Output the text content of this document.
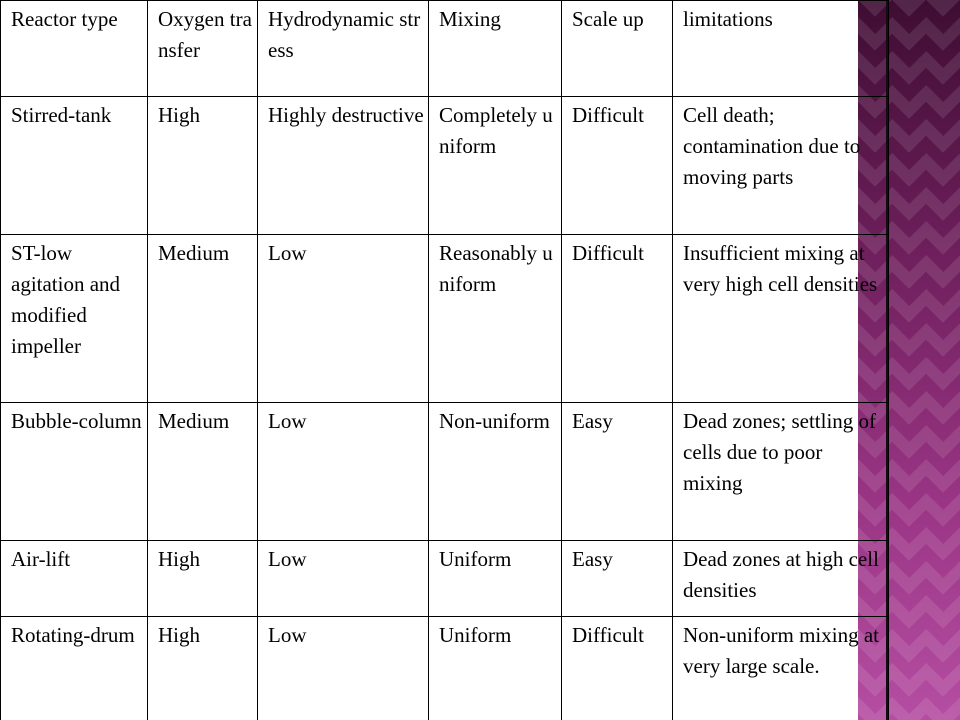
Reactor type	Oxygen transfer	Hydrodynamic stress	Mixing	Scale up	limitations

Stirred-tank	High	Highly destructive	Completely uniform	Difficult	Cell death; contamination due to moving parts

ST-low agitation and modified impeller	Medium	Low	Reasonably uniform	Difficult	Insufficient mixing at very high cell densities

Bubble-column	Medium	Low	Non-uniform	Easy	Dead zones; settling of cells due to poor mixing

Air-lift	High	Low	Uniform	Easy	Dead zones at high cell densities

Rotating-drum	High	Low	Uniform	Difficult	Non-uniform mixing at very large scale.
